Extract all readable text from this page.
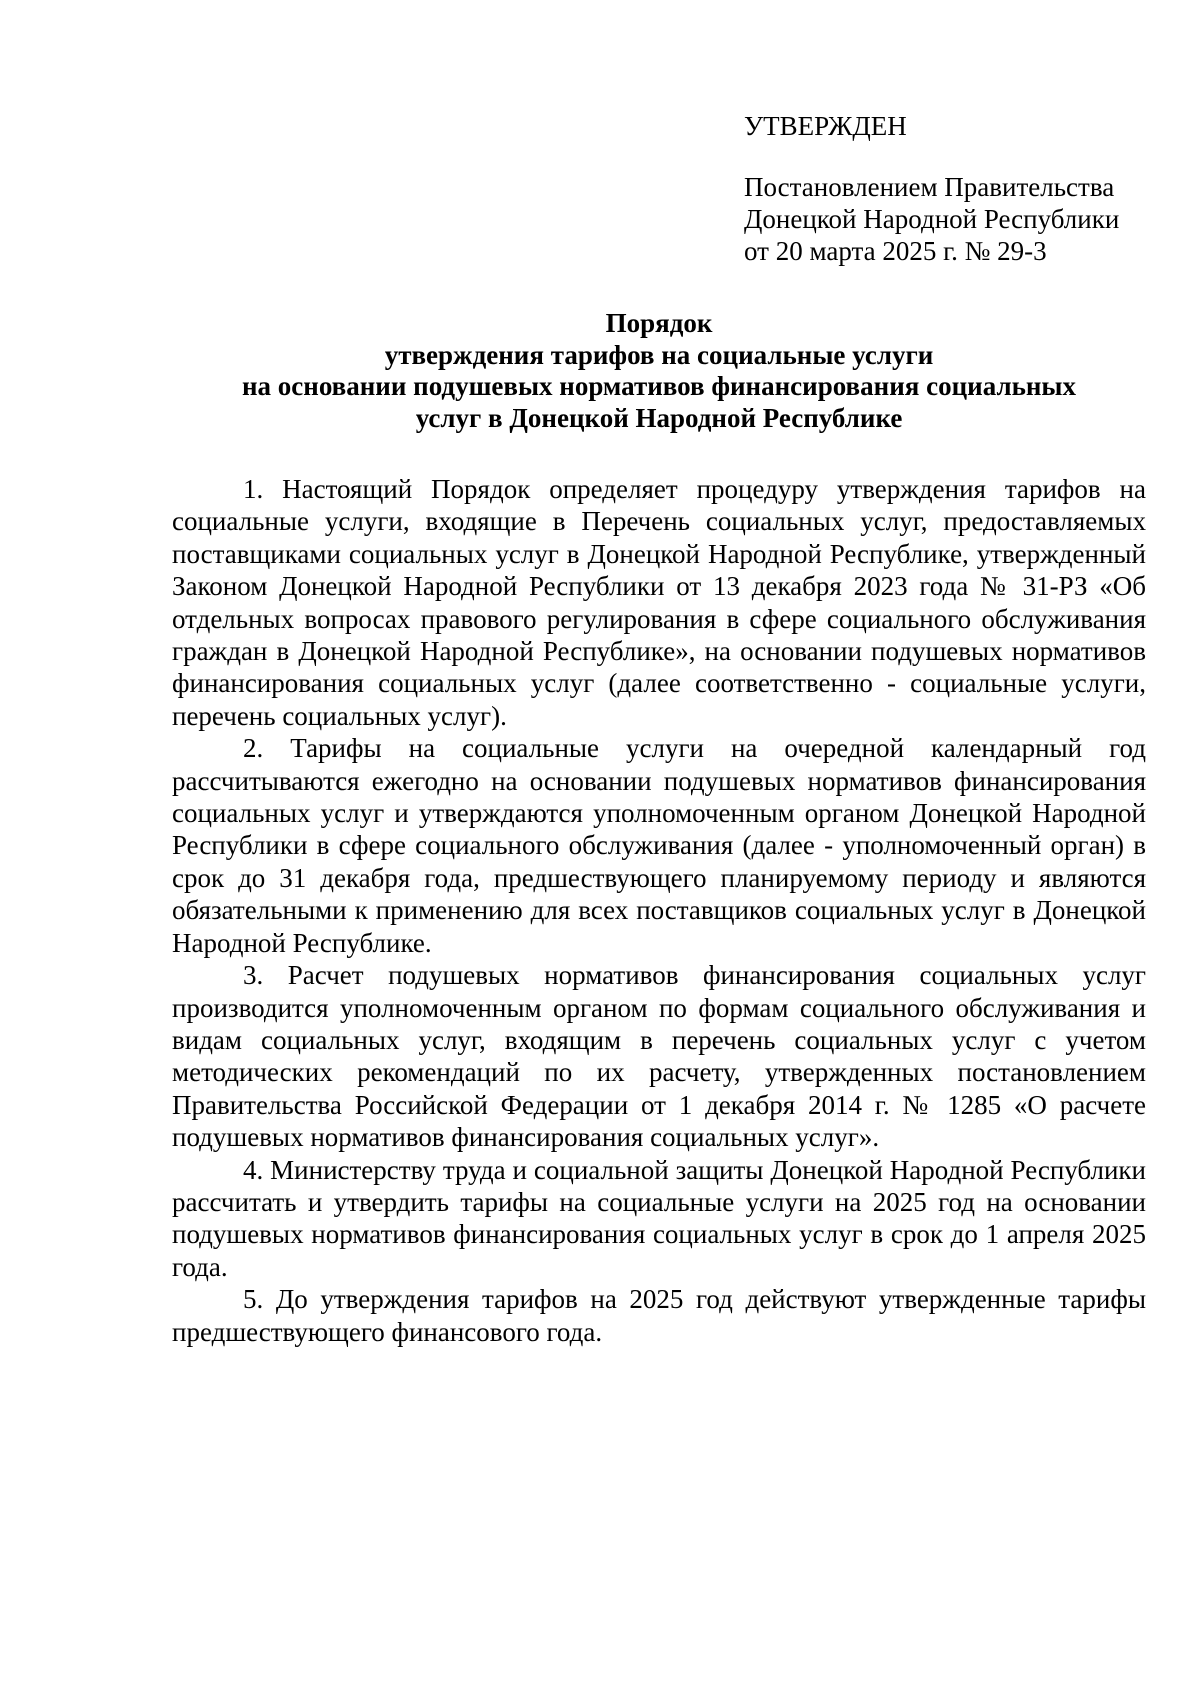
УТВЕРЖДЕН
Постановлением Правительства
Донецкой Народной Республики
от 20 марта 2025 г. № 29-3
Порядок
утверждения тарифов на социальные услуги
на основании подушевых нормативов финансирования социальных
услуг в Донецкой Народной Республике

1. Настоящий Порядок определяет процедуру утверждения тарифов на социальные услуги, входящие в Перечень социальных услуг, предоставляемых поставщиками социальных услуг в Донецкой Народной Республике, утвержденный Законом Донецкой Народной Республики от 13 декабря 2023 года № 31-РЗ «Об отдельных вопросах правового регулирования в сфере социального обслуживания граждан в Донецкой Народной Республике», на основании подушевых нормативов финансирования социальных услуг (далее соответственно - социальные услуги, перечень социальных услуг).

2. Тарифы на социальные услуги на очередной календарный год рассчитываются ежегодно на основании подушевых нормативов финансирования социальных услуг и утверждаются уполномоченным органом Донецкой Народной Республики в сфере социального обслуживания (далее - уполномоченный орган) в срок до 31 декабря года, предшествующего планируемому периоду и являются обязательными к применению для всех поставщиков социальных услуг в Донецкой Народной Республике.

3. Расчет подушевых нормативов финансирования социальных услуг производится уполномоченным органом по формам социального обслуживания и видам социальных услуг, входящим в перечень социальных услуг с учетом методических рекомендаций по их расчету, утвержденных постановлением Правительства Российской Федерации от 1 декабря 2014 г. № 1285 «О расчете подушевых нормативов финансирования социальных услуг».

4. Министерству труда и социальной защиты Донецкой Народной Республики рассчитать и утвердить тарифы на социальные услуги на 2025 год на основании подушевых нормативов финансирования социальных услуг в срок до 1 апреля 2025 года.

5. До утверждения тарифов на 2025 год действуют утвержденные тарифы предшествующего финансового года.
